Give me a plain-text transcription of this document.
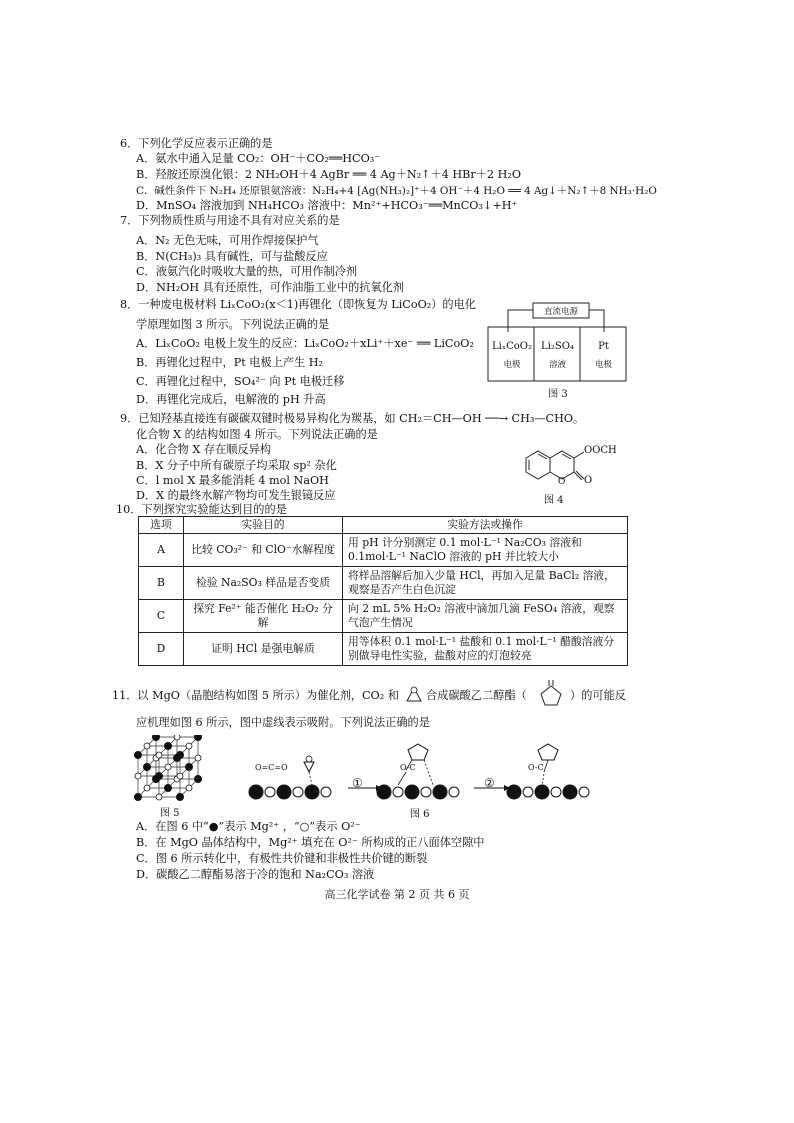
6．下列化学反应表示正确的是
A．氨水中通入足量 CO₂：OH⁻＋CO₂══HCO₃⁻
B．羟胺还原溴化银：2 NH₂OH＋4 AgBr ══ 4 Ag＋N₂↑＋4 HBr＋2 H₂O
C．碱性条件下 N₂H₄ 还原银氨溶液：N₂H₄+4 [Ag(NH₃)₂]⁺＋4 OH⁻＋4 H₂O ══ 4 Ag↓＋N₂↑＋8 NH₃·H₂O
D．MnSO₄ 溶液加到 NH₄HCO₃ 溶液中：Mn²⁺+HCO₃⁻══MnCO₃↓+H⁺
7．下列物质性质与用途不具有对应关系的是
A．N₂ 无色无味，可用作焊接保护气
B．N(CH₃)₃ 具有碱性，可与盐酸反应
C．液氨汽化时吸收大量的热，可用作制冷剂
D．NH₂OH 具有还原性，可作油脂工业中的抗氧化剂
8．一种废电极材料 LiₓCoO₂(x＜1)再锂化（即恢复为 LiCoO₂）的电化
学原理如图 3 所示。下列说法正确的是
A．LiₓCoO₂ 电极上发生的反应：LiₓCoO₂＋xLi⁺＋xe⁻ ══ LiCoO₂
B．再锂化过程中，Pt 电极上产生 H₂
C．再锂化过程中，SO₄²⁻ 向 Pt 电极迁移
D．再锂化完成后，电解液的 pH 升高
直流电源
LiₓCoO₂
电极
Li₂SO₄
溶液
Pt
电极
图 3
9．已知羟基直接连有碳碳双键时极易异构化为羰基，如 CH₂＝CH—OH ──→ CH₃—CHO。
化合物 X 的结构如图 4 所示。下列说法正确的是
A．化合物 X 存在顺反异构
B．X 分子中所有碳原子均采取 sp² 杂化
C．l mol X 最多能消耗 4 mol NaOH
D．X 的最终水解产物均可发生银镜反应
OOCH
O
O
图 4
10．下列探究实验能达到目的的是
选项	实验目的	实验方法或操作
A	比较 CO₃²⁻ 和 ClO⁻水解程度	用 pH 计分别测定 0.1 mol·L⁻¹ Na₂CO₃ 溶液和 0.1mol·L⁻¹ NaClO 溶液的 pH 并比较大小
B	检验 Na₂SO₃ 样品是否变质	将样品溶解后加入少量 HCl，再加入足量 BaCl₂ 溶液，观察是否产生白色沉淀
C	探究 Fe²⁺ 能否催化 H₂O₂ 分解	向 2 mL 5% H₂O₂ 溶液中滴加几滴 FeSO₄ 溶液，观察气泡产生情况
D	证明 HCl 是强电解质	用等体积 0.1 mol·L⁻¹ 盐酸和 0.1 mol·L⁻¹ 醋酸溶液分别做导电性实验，盐酸对应的灯泡较亮
11．以 MgO（晶胞结构如图 5 所示）为催化剂，CO₂ 和 合成碳酸乙二醇酯（	）的可能反
应机理如图 6 所示，图中虚线表示吸附。下列说法正确的是
图 5
O=C=O	O-C	O-C
①	②
图 6
A．在图 6 中“●”表示 Mg²⁺ ，“○”表示 O²⁻
B．在 MgO 晶体结构中，Mg²⁺ 填充在 O²⁻ 所构成的正八面体空隙中
C．图 6 所示转化中，有极性共价键和非极性共价键的断裂
D．碳酸乙二醇酯易溶于冷的饱和 Na₂CO₃ 溶液
高三化学试卷 第 2 页 共 6 页
